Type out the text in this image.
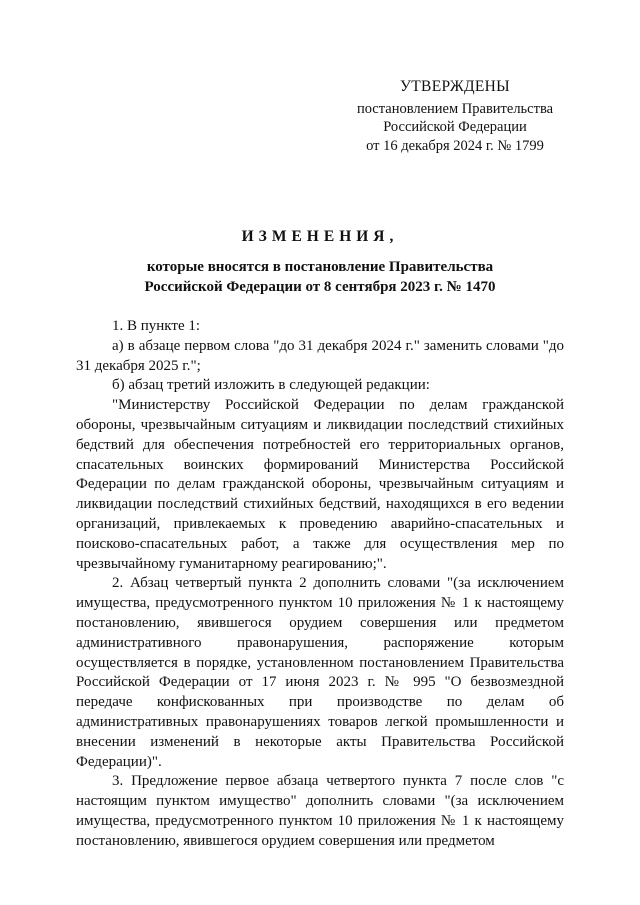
УТВЕРЖДЕНЫ
постановлением Правительства
Российской Федерации
от 16 декабря 2024 г. № 1799
ИЗМЕНЕНИЯ,
которые вносятся в постановление Правительства
Российской Федерации от 8 сентября 2023 г. № 1470

1. В пункте 1:

а) в абзаце первом слова "до 31 декабря 2024 г." заменить словами "до 31 декабря 2025 г.";

б) абзац третий изложить в следующей редакции:

"Министерству Российской Федерации по делам гражданской обороны, чрезвычайным ситуациям и ликвидации последствий стихийных бедствий для обеспечения потребностей его территориальных органов, спасательных воинских формирований Министерства Российской Федерации по делам гражданской обороны, чрезвычайным ситуациям и ликвидации последствий стихийных бедствий, находящихся в его ведении организаций, привлекаемых к проведению аварийно-спасательных и поисково-спасательных работ, а также для осуществления мер по чрезвычайному гуманитарному реагированию;".

2. Абзац четвертый пункта 2 дополнить словами "(за исключением имущества, предусмотренного пунктом 10 приложения № 1 к настоящему постановлению, явившегося орудием совершения или предметом административного правонарушения, распоряжение которым осуществляется в порядке, установленном постановлением Правительства Российской Федерации от 17 июня 2023 г. № 995 "О безвозмездной передаче конфискованных при производстве по делам об административных правонарушениях товаров легкой промышленности и внесении изменений в некоторые акты Правительства Российской Федерации)".

3. Предложение первое абзаца четвертого пункта 7 после слов "с настоящим пунктом имущество" дополнить словами "(за исключением имущества, предусмотренного пунктом 10 приложения № 1 к настоящему постановлению, явившегося орудием совершения или предметом
